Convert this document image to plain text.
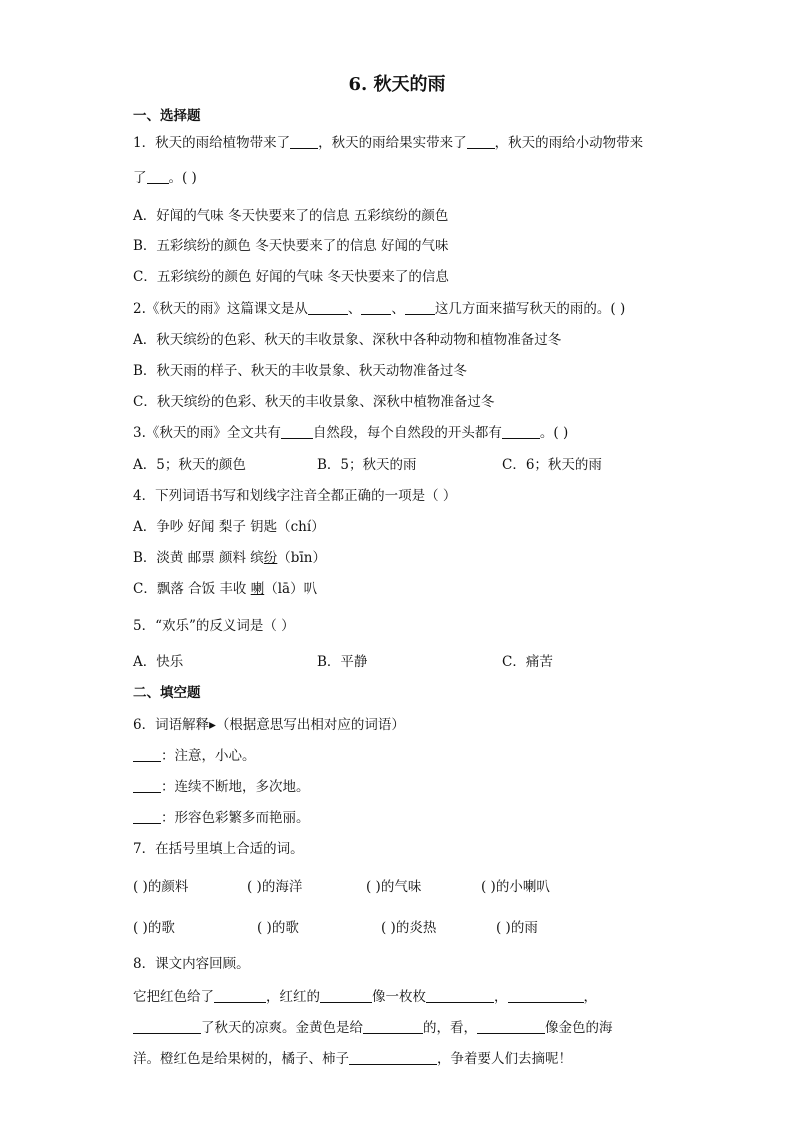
6. 秋天的雨
一、选择题
1．秋天的雨给植物带来了 ，秋天的雨给果实带来了 ，秋天的雨给小动物带来
了 。( )
A．好闻的气味 冬天快要来了的信息 五彩缤纷的颜色
B．五彩缤纷的颜色 冬天快要来了的信息 好闻的气味
C．五彩缤纷的颜色 好闻的气味 冬天快要来了的信息
2.《秋天的雨》这篇课文是从	、 、 这几方面来描写秋天的雨的。( )
A．秋天缤纷的色彩、秋天的丰收景象、深秋中各种动物和植物准备过冬
B．秋天雨的样子、秋天的丰收景象、秋天动物准备过冬
C．秋天缤纷的色彩、秋天的丰收景象、深秋中植物准备过冬
3.《秋天的雨》全文共有 自然段，每个自然段的开头都有	。( )
A．5；秋天的颜色	B．5；秋天的雨	C．6；秋天的雨
4．下列词语书写和划线字注音全都正确的一项是（ ）
A．争吵 好闻 梨子 钥匙（chí）
B．淡黄 邮票 颜料 缤纷（bīn）
C．飘落 合饭 丰收 喇（lā）叭
5．“欢乐”的反义词是（ ）
A．快乐	B．平静	C．痛苦
二、填空题
6．词语解释▸（根据意思写出相对应的词语）
：注意，小心。
：连续不断地，多次地。
：形容色彩繁多而艳丽。
7．在括号里填上合适的词。
( )的颜料	( )的海洋	( )的气味	( )的小喇叭
( )的歌	( )的歌	( )的炎热	( )的雨
8．课文内容回顾。
它把红色给了	，红红的	像一枚枚	，	，
了秋天的凉爽。金黄色是给	的，看，	像金色的海
洋。橙红色是给果树的，橘子、柿子	，争着要人们去摘呢！
